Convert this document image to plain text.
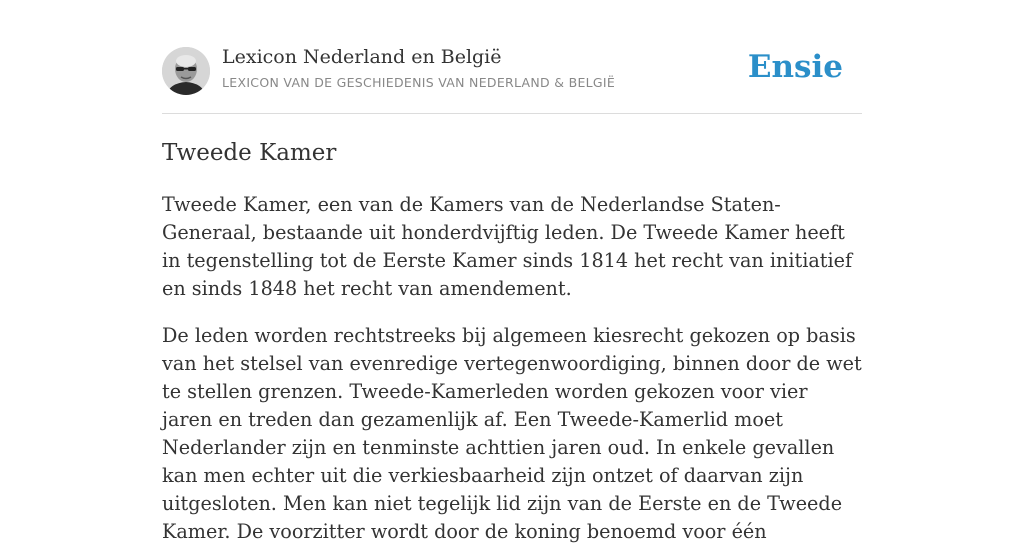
Lexicon Nederland en België
LEXICON VAN DE GESCHIEDENIS VAN NEDERLAND & BELGIË	Ensie
Tweede Kamer

Tweede Kamer, een van de Kamers van de Nederlandse Staten-Generaal, bestaande uit honderdvijftig leden. De Tweede Kamer heeft in tegenstelling tot de Eerste Kamer sinds 1814 het recht van initiatief en sinds 1848 het recht van amendement.

De leden worden rechtstreeks bij algemeen kiesrecht gekozen op basis van het stelsel van evenredige vertegenwoordiging, binnen door de wet te stellen grenzen. Tweede-Kamerleden worden gekozen voor vier jaren en treden dan gezamenlijk af. Een Tweede-Kamerlid moet Nederlander zijn en tenminste achttien jaren oud. In enkele gevallen kan men echter uit die verkiesbaarheid zijn ontzet of daarvan zijn uitgesloten. Men kan niet tegelijk lid zijn van de Eerste en de Tweede Kamer. De voorzitter wordt door de koning benoemd voor één
